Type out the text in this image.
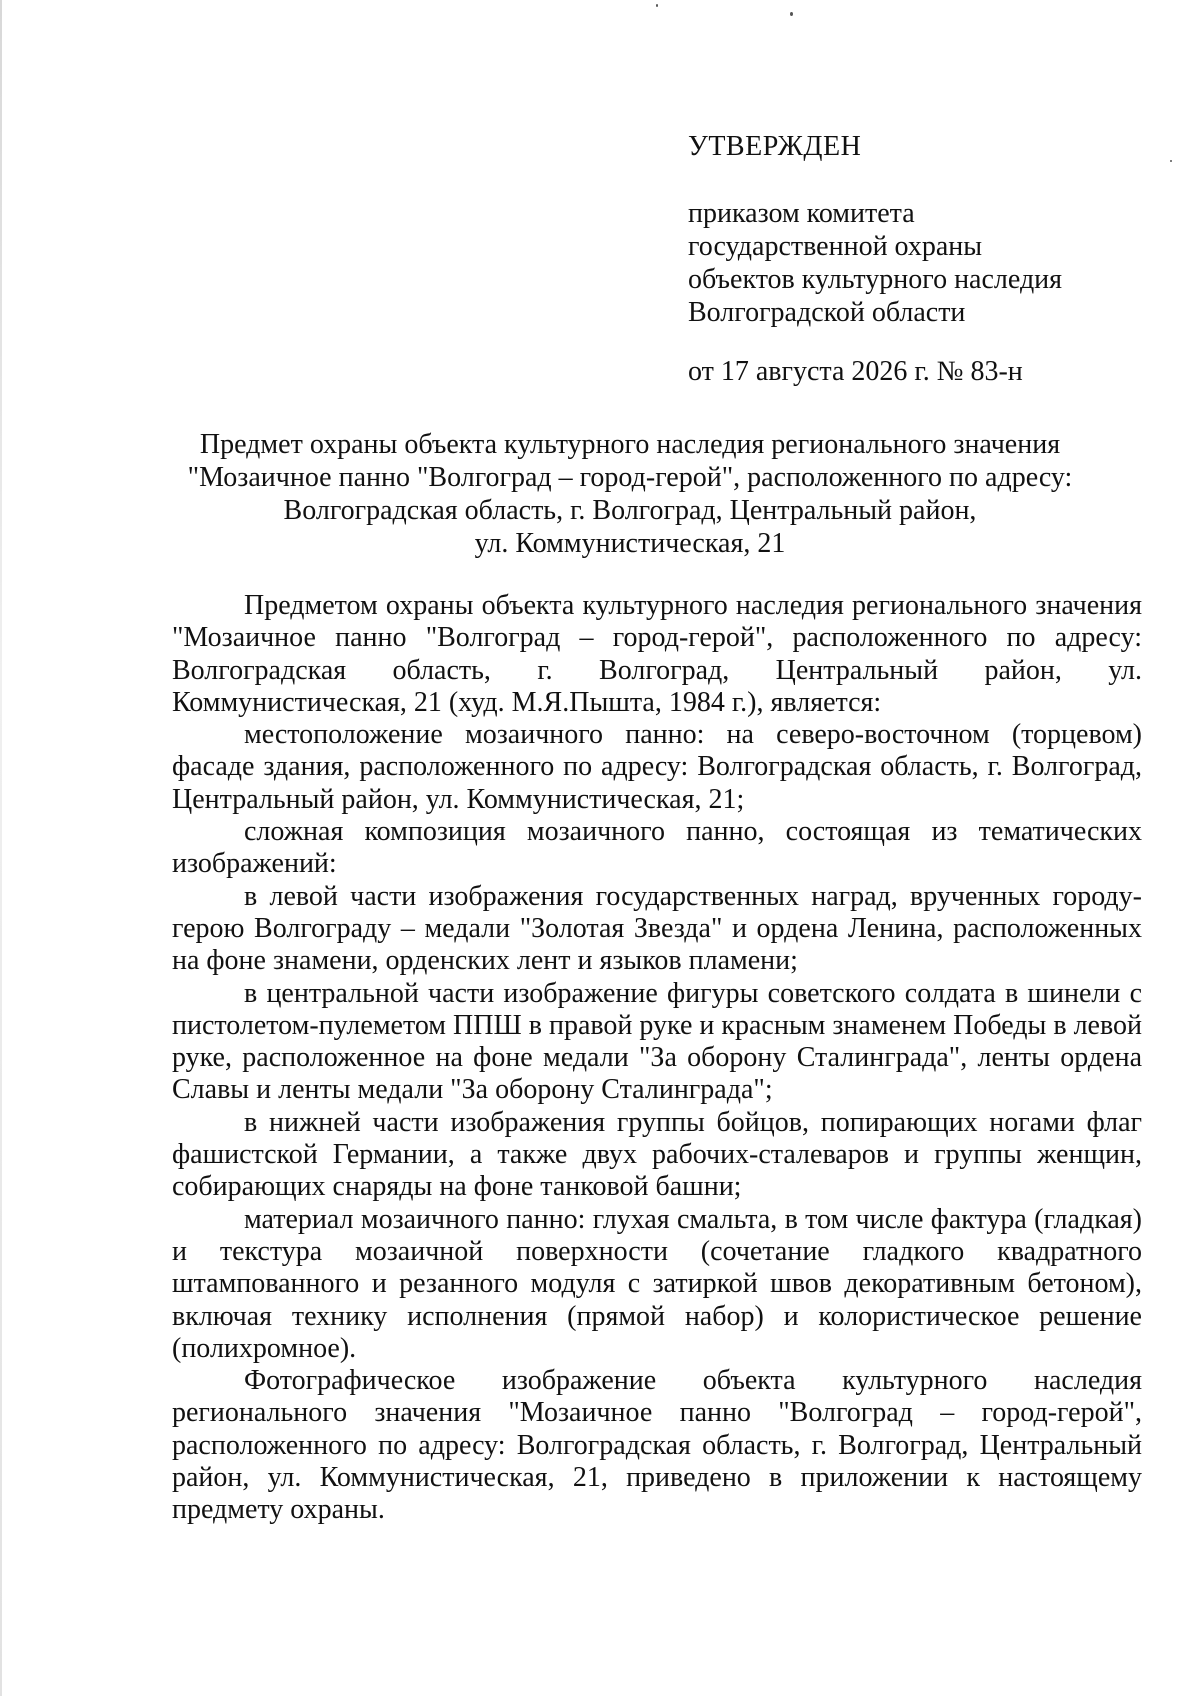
УТВЕРЖДЕН
приказом комитета
государственной охраны
объектов культурного наследия
Волгоградской области
от 17 августа 2026 г. № 83-н
Предмет охраны объекта культурного наследия регионального значения
"Мозаичное панно "Волгоград – город-герой", расположенного по адресу:
Волгоградская область, г. Волгоград, Центральный район,
ул. Коммунистическая, 21

Предметом охраны объекта культурного наследия регионального значения "Мозаичное панно "Волгоград – город-герой", расположенного по адресу: Волгоградская область, г. Волгоград, Центральный район, ул. Коммунистическая, 21 (худ. М.Я.Пышта, 1984 г.), является:

местоположение мозаичного панно: на северо-восточном (торцевом) фасаде здания, расположенного по адресу: Волгоградская область, г. Волгоград, Центральный район, ул. Коммунистическая, 21;

сложная композиция мозаичного панно, состоящая из тематических изображений:

в левой части изображения государственных наград, врученных городу-герою Волгограду – медали "Золотая Звезда" и ордена Ленина, расположенных на фоне знамени, орденских лент и языков пламени;

в центральной части изображение фигуры советского солдата в шинели с пистолетом-пулеметом ППШ в правой руке и красным знаменем Победы в левой руке, расположенное на фоне медали "За оборону Сталинграда", ленты ордена Славы и ленты медали "За оборону Сталинграда";

в нижней части изображения группы бойцов, попирающих ногами флаг фашистской Германии, а также двух рабочих-сталеваров и группы женщин, собирающих снаряды на фоне танковой башни;

материал мозаичного панно: глухая смальта, в том числе фактура (гладкая) и текстура мозаичной поверхности (сочетание гладкого квадратного штампованного и резанного модуля с затиркой швов декоративным бетоном), включая технику исполнения (прямой набор) и колористическое решение (полихромное).

Фотографическое изображение объекта культурного наследия регионального значения "Мозаичное панно "Волгоград – город-герой", расположенного по адресу: Волгоградская область, г. Волгоград, Центральный район, ул. Коммунистическая, 21, приведено в приложении к настоящему предмету охраны.
